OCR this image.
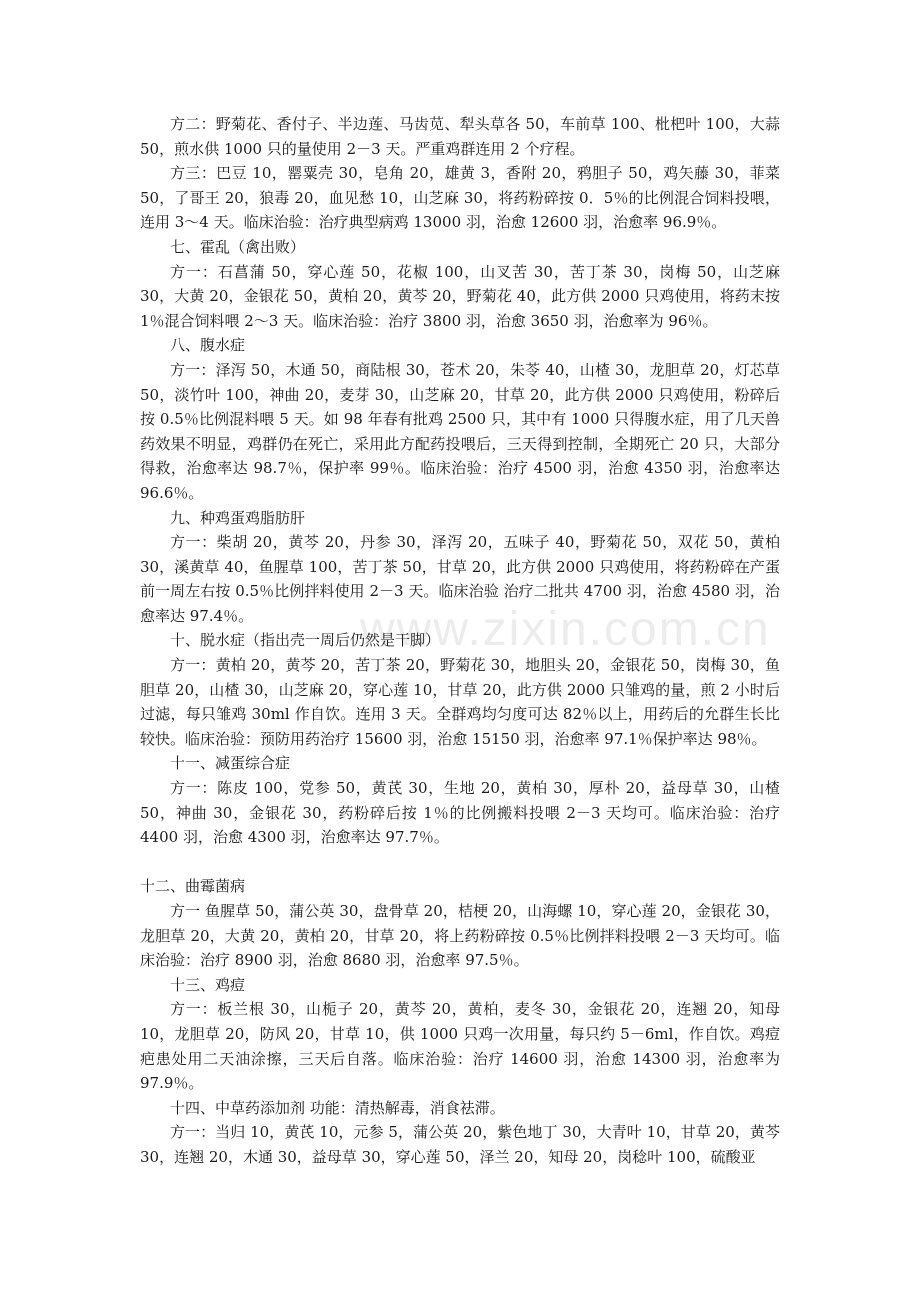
www.zixin.com.cn

方二：野菊花、香付子、半边莲、马齿苋、犁头草各 50，车前草 100、枇杷叶 100，大蒜 50，煎水供 1000 只的量使用 2－3 天。严重鸡群连用 2 个疗程。

方三：巴豆 10，罂粟壳 30，皂角 20，雄黄 3，香附 20，鸦胆子 50，鸡矢藤 30，菲菜 50，了哥王 20，狼毒 20，血见愁 10，山芝麻 30，将药粉碎按 0．5％的比例混合饲料投喂，连用 3～4 天。临床治验：治疗典型病鸡 13000 羽，治愈 12600 羽，治愈率 96.9％。

七、霍乱（禽出败）

方一：石菖蒲 50，穿心莲 50，花椒 100，山叉苦 30，苦丁茶 30，岗梅 50，山芝麻 30，大黄 20，金银花 50，黄柏 20，黄芩 20，野菊花 40，此方供 2000 只鸡使用，将药末按 1％混合饲料喂 2～3 天。临床治验：治疗 3800 羽，治愈 3650 羽，治愈率为 96％。

八、腹水症

方一：泽泻 50，木通 50，商陆根 30，苍术 20，朱苓 40，山楂 30，龙胆草 20，灯芯草 50，淡竹叶 100，神曲 20，麦芽 30，山芝麻 20，甘草 20，此方供 2000 只鸡使用，粉碎后按 0.5％比例混料喂 5 天。如 98 年春有批鸡 2500 只，其中有 1000 只得腹水症，用了几天兽药效果不明显，鸡群仍在死亡，采用此方配药投喂后，三天得到控制，全期死亡 20 只，大部分得救，治愈率达 98.7％，保护率 99％。临床治验：治疗 4500 羽，治愈 4350 羽，治愈率达 96.6％。

九、种鸡蛋鸡脂肪肝

方一：柴胡 20，黄芩 20，丹参 30，泽泻 20，五味子 40，野菊花 50，双花 50，黄柏 30，溪黄草 40，鱼腥草 100，苦丁茶 50，甘草 20，此方供 2000 只鸡使用，将药粉碎在产蛋前一周左右按 0.5％比例拌料使用 2－3 天。临床治验 治疗二批共 4700 羽，治愈 4580 羽，治愈率达 97.4％。

十、脱水症（指出壳一周后仍然是干脚）

方一：黄柏 20，黄芩 20，苦丁茶 20，野菊花 30，地胆头 20，金银花 50，岗梅 30，鱼胆草 20，山楂 30，山芝麻 20，穿心莲 10，甘草 20，此方供 2000 只雏鸡的量，煎 2 小时后过滤，每只雏鸡 30ml 作自饮。连用 3 天。全群鸡均匀度可达 82％以上，用药后的允群生长比较快。临床治验：预防用药治疗 15600 羽，治愈 15150 羽，治愈率 97.1％保护率达 98％。

十一、减蛋综合症

方一：陈皮 100，党参 50，黄芪 30，生地 20，黄柏 30，厚朴 20，益母草 30，山楂 50，神曲 30，金银花 30，药粉碎后按 1％的比例搬料投喂 2－3 天均可。临床治验：治疗 4400 羽，治愈 4300 羽，治愈率达 97.7％。

十二、曲霉菌病

方一 鱼腥草 50，蒲公英 30，盘骨草 20，桔梗 20，山海螺 10，穿心莲 20，金银花 30，龙胆草 20，大黄 20，黄柏 20，甘草 20，将上药粉碎按 0.5％比例拌料投喂 2－3 天均可。临床治验：治疗 8900 羽，治愈 8680 羽，治愈率 97.5％。

十三、鸡痘

方一：板兰根 30，山栀子 20，黄芩 20，黄柏，麦冬 30，金银花 20，连翘 20，知母 10，龙胆草 20，防风 20，甘草 10，供 1000 只鸡一次用量，每只约 5－6ml，作自饮。鸡痘疤患处用二天油涂擦，三天后自落。临床治验：治疗 14600 羽，治愈 14300 羽，治愈率为 97.9％。

十四、中草药添加剂 功能：清热解毒，消食祛滞。

方一：当归 10，黄芪 10，元参 5，蒲公英 20，紫色地丁 30，大青叶 10，甘草 20，黄芩 30，连翘 20，木通 30，益母草 30，穿心莲 50，泽兰 20，知母 20，岗稔叶 100，硫酸亚
